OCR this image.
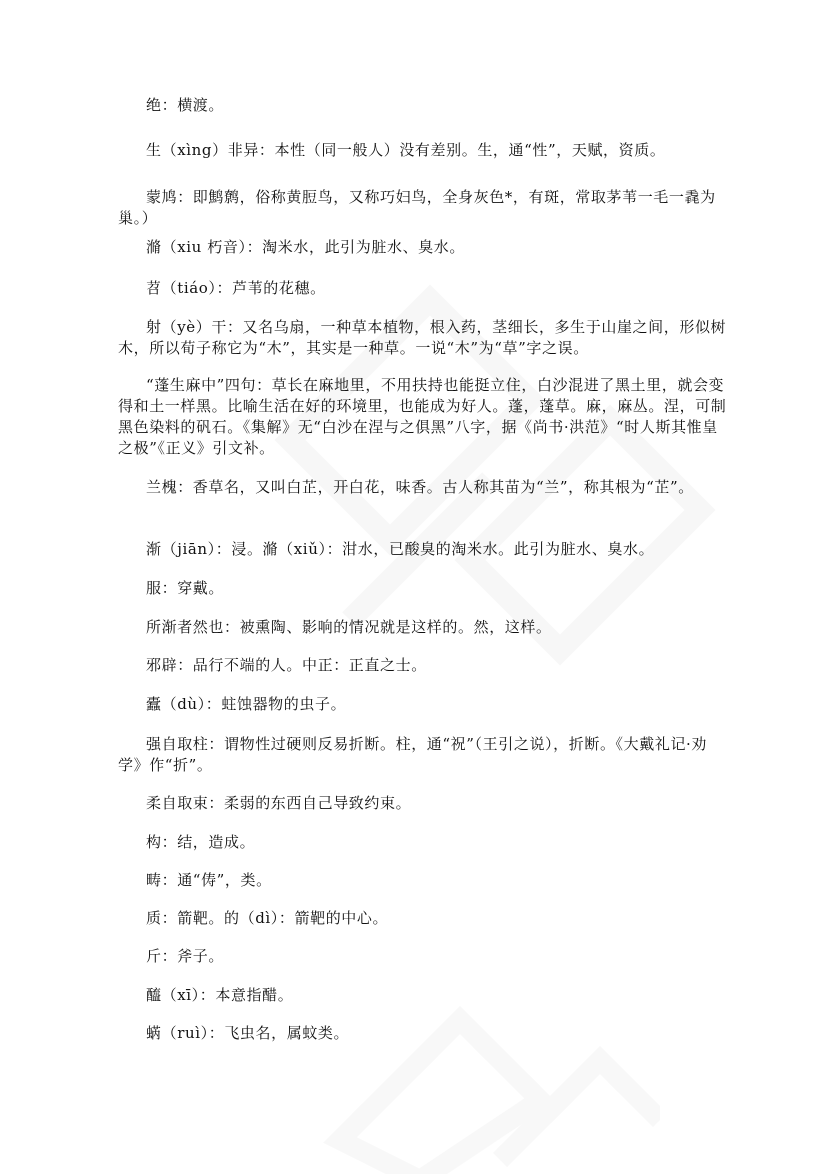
绝：横渡。

生（xìng）非异：本性（同一般人）没有差别。生，通“性”，天赋，资质。

蒙鸠：即鹪鹩，俗称黄脰鸟，又称巧妇鸟，全身灰色*，有斑，常取茅苇一毛一毳为巢。）

滫（xiu 朽音）：淘米水，此引为脏水、臭水。

苕（tiáo）：芦苇的花穗。

射（yè）干：又名乌扇，一种草本植物，根入药，茎细长，多生于山崖之间，形似树木，所以荀子称它为“木”，其实是一种草。一说“木”为“草”字之误。

“蓬生麻中”四句：草长在麻地里，不用扶持也能挺立住，白沙混进了黑土里，就会变得和土一样黑。比喻生活在好的环境里，也能成为好人。蓬，蓬草。麻，麻丛。涅，可制黑色染料的矾石。《集解》无“白沙在涅与之俱黑”八字，据《尚书·洪范》“时人斯其惟皇之极”《正义》引文补。

兰槐：香草名，又叫白芷，开白花，味香。古人称其苗为“兰”，称其根为“芷”。

渐（jiān）：浸。滫（xiǔ）：泔水，已酸臭的淘米水。此引为脏水、臭水。

服：穿戴。

所渐者然也：被熏陶、影响的情况就是这样的。然，这样。

邪辟：品行不端的人。中正：正直之士。

蠹（dù）：蛀蚀器物的虫子。

强自取柱：谓物性过硬则反易折断。柱，通“祝”（王引之说），折断。《大戴礼记·劝学》作“折”。

柔自取束：柔弱的东西自己导致约束。

构：结，造成。

畴：通“俦”，类。

质：箭靶。的（dì）：箭靶的中心。

斤：斧子。

醯（xī）：本意指醋。

蜹（ruì）：飞虫名，属蚊类。
